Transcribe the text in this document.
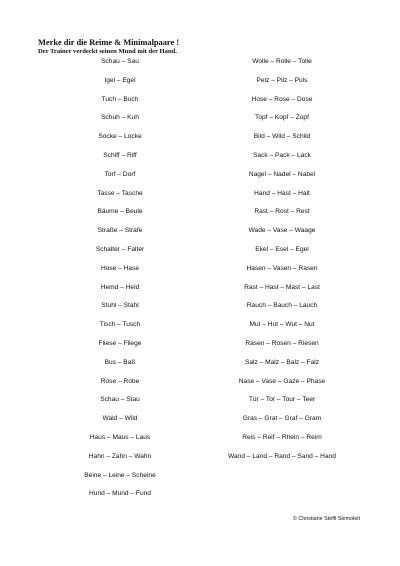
Merke dir die Reime & Minimalpaare !
Der Trainer verdeckt seinen Mund mit der Hand.
Schau – Sau
Igel – Egel
Tuch – Buch
Schuh – Kuh
Socke – Locke
Schiff – Riff
Torf – Dorf
Tasse – Tasche
Bäume – Beule
Straße – Strafe
Schalter – Falter
Hose – Hase
Hemd – Held
Stuhl – Stahl
Tisch – Tusch
Fliese – Fliege
Bus – Baß
Rose – Robe
Schau – Stau
Wald – Wild
Haus – Maus – Laus
Hahn – Zahn – Wahn
Beine – Leine – Scheine
Hund – Mund – Fund
Wolle – Rolle – Tolle
Pelz – Pilz – Puls
Hose – Rose – Dose
Topf – Kopf – Zopf
Bild – Wild – Schild
Sack – Pack – Lack
Nagel – Nadel – Nabel
Hand – Hast – Halt
Rast – Rost – Rest
Wade – Vase – Waage
Ekel – Esel – Egel
Hasen – Vasen – Rasen
Rast – Hast – Mast – Last
Rauch – Bauch – Lauch
Mut – Hut – Wut – Nut
Rasen – Rosen – Riesen
Salz – Malz – Balz – Falz
Nase – Vase – Gaze – Phase
Tür – Tor – Tour – Teer
Gras – Grat – Graf – Gram
Reis – Reif – Rhein – Reim
Wand – Land – Rand – Sand – Hand
© Christiane Steffi Siemoleit
